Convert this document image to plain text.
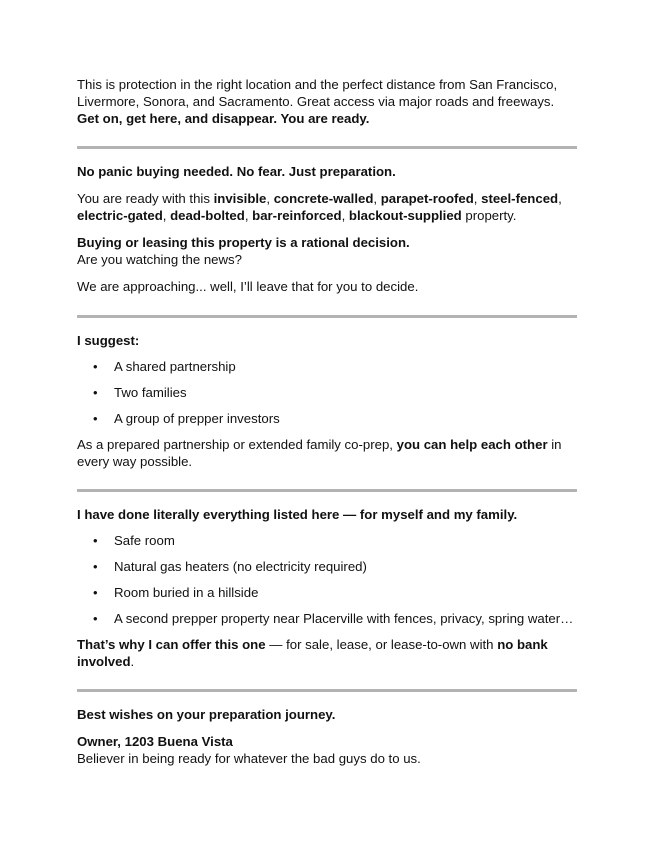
This is protection in the right location and the perfect distance from San Francisco, Livermore, Sonora, and Sacramento. Great access via major roads and freeways. Get on, get here, and disappear. You are ready.

No panic buying needed. No fear. Just preparation.

You are ready with this invisible, concrete-walled, parapet-roofed, steel-fenced, electric-gated, dead-bolted, bar-reinforced, blackout-supplied property.

Buying or leasing this property is a rational decision.

Are you watching the news?

We are approaching... well, I’ll leave that for you to decide.

I suggest:

• A shared partnership
• Two families
• A group of prepper investors

As a prepared partnership or extended family co-prep, you can help each other in every way possible.

I have done literally everything listed here — for myself and my family.

• Safe room
• Natural gas heaters (no electricity required)
• Room buried in a hillside
• A second prepper property near Placerville with fences, privacy, spring water…

That’s why I can offer this one — for sale, lease, or lease-to-own with no bank involved.

Best wishes on your preparation journey.

Owner, 1203 Buena Vista

Believer in being ready for whatever the bad guys do to us.
